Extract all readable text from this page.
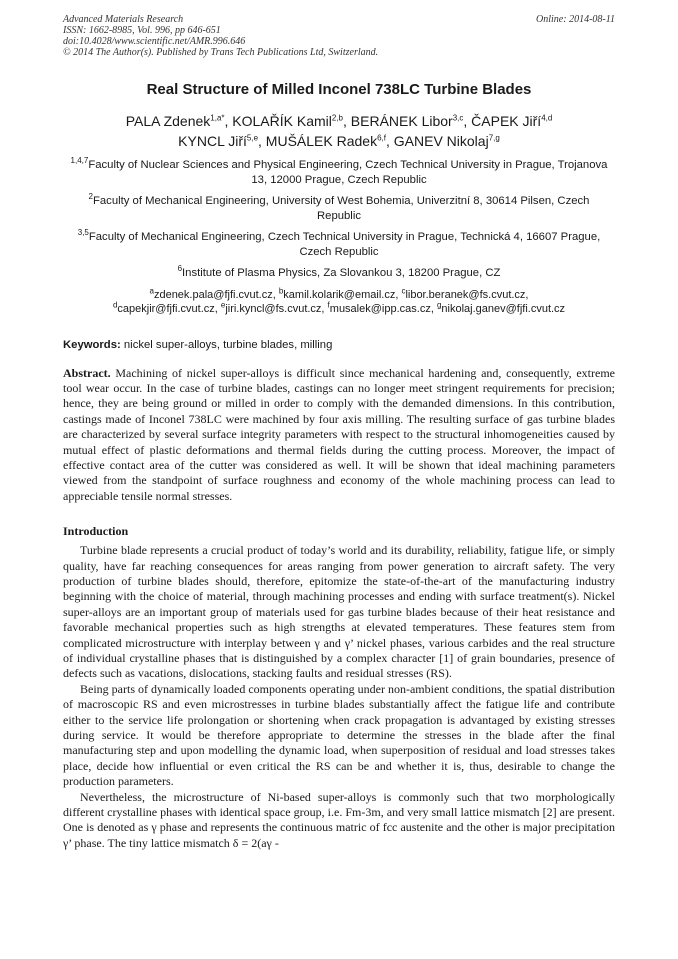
Advanced Materials Research
ISSN: 1662-8985, Vol. 996, pp 646-651
doi:10.4028/www.scientific.net/AMR.996.646
© 2014 The Author(s). Published by Trans Tech Publications Ltd, Switzerland.
Online: 2014-08-11
Real Structure of Milled Inconel 738LC Turbine Blades
PALA Zdenek$^{1,a*}$, KOLAŘÍK Kamil$^{2,b}$, BERÁNEK Libor$^{3,c}$, ČAPEK Jiří$^{4,d}$
KYNCL Jiří$^{5,e}$, MUŠÁLEK Radek$^{6,f}$, GANEV Nikolaj$^{7,g}$
$^{1,4,7}$Faculty of Nuclear Sciences and Physical Engineering, Czech Technical University in Prague, Trojanova 13, 12000 Prague, Czech Republic
$^2$Faculty of Mechanical Engineering, University of West Bohemia, Univerzitní 8, 30614 Pilsen, Czech Republic
$^{3,5}$Faculty of Mechanical Engineering, Czech Technical University in Prague, Technická 4, 16607 Prague, Czech Republic
$^6$Institute of Plasma Physics, Za Slovankou 3, 18200 Prague, CZ
$^a$zdenek.pala@fjfi.cvut.cz, $^b$kamil.kolarik@email.cz, $^c$libor.beranek@fs.cvut.cz,
$^d$capekjir@fjfi.cvut.cz, $^e$jiri.kyncl@fs.cvut.cz, $^f$musalek@ipp.cas.cz, $^g$nikolaj.ganev@fjfi.cvut.cz
Keywords: nickel super-alloys, turbine blades, milling
Abstract. Machining of nickel super-alloys is difficult since mechanical hardening and, consequently, extreme tool wear occur. In the case of turbine blades, castings can no longer meet stringent requirements for precision; hence, they are being ground or milled in order to comply with the demanded dimensions. In this contribution, castings made of Inconel 738LC were machined by four axis milling. The resulting surface of gas turbine blades are characterized by several surface integrity parameters with respect to the structural inhomogeneities caused by mutual effect of plastic deformations and thermal fields during the cutting process. Moreover, the impact of effective contact area of the cutter was considered as well. It will be shown that ideal machining parameters viewed from the standpoint of surface roughness and economy of the whole machining process can lead to appreciable tensile normal stresses.
Introduction

Turbine blade represents a crucial product of today’s world and its durability, reliability, fatigue life, or simply quality, have far reaching consequences for areas ranging from power generation to aircraft safety. The very production of turbine blades should, therefore, epitomize the state-of-the-art of the manufacturing industry beginning with the choice of material, through machining processes and ending with surface treatment(s). Nickel super-alloys are an important group of materials used for gas turbine blades because of their heat resistance and favorable mechanical properties such as high strengths at elevated temperatures. These features stem from complicated microstructure with interplay between γ and γ’ nickel phases, various carbides and the real structure of individual crystalline phases that is distinguished by a complex character [1] of grain boundaries, presence of defects such as vacations, dislocations, stacking faults and residual stresses (RS).

Being parts of dynamically loaded components operating under non-ambient conditions, the spatial distribution of macroscopic RS and even microstresses in turbine blades substantially affect the fatigue life and contribute either to the service life prolongation or shortening when crack propagation is advantaged by existing stresses during service. It would be therefore appropriate to determine the stresses in the blade after the final manufacturing step and upon modelling the dynamic load, when superposition of residual and load stresses takes place, decide how influential or even critical the RS can be and whether it is, thus, desirable to change the production parameters.

Nevertheless, the microstructure of Ni-based super-alloys is commonly such that two morphologically different crystalline phases with identical space group, i.e. Fm-3m, and very small lattice mismatch [2] are present. One is denoted as γ phase and represents the continuous matric of fcc austenite and the other is major precipitation γ’ phase. The tiny lattice mismatch δ = 2(aγ -
